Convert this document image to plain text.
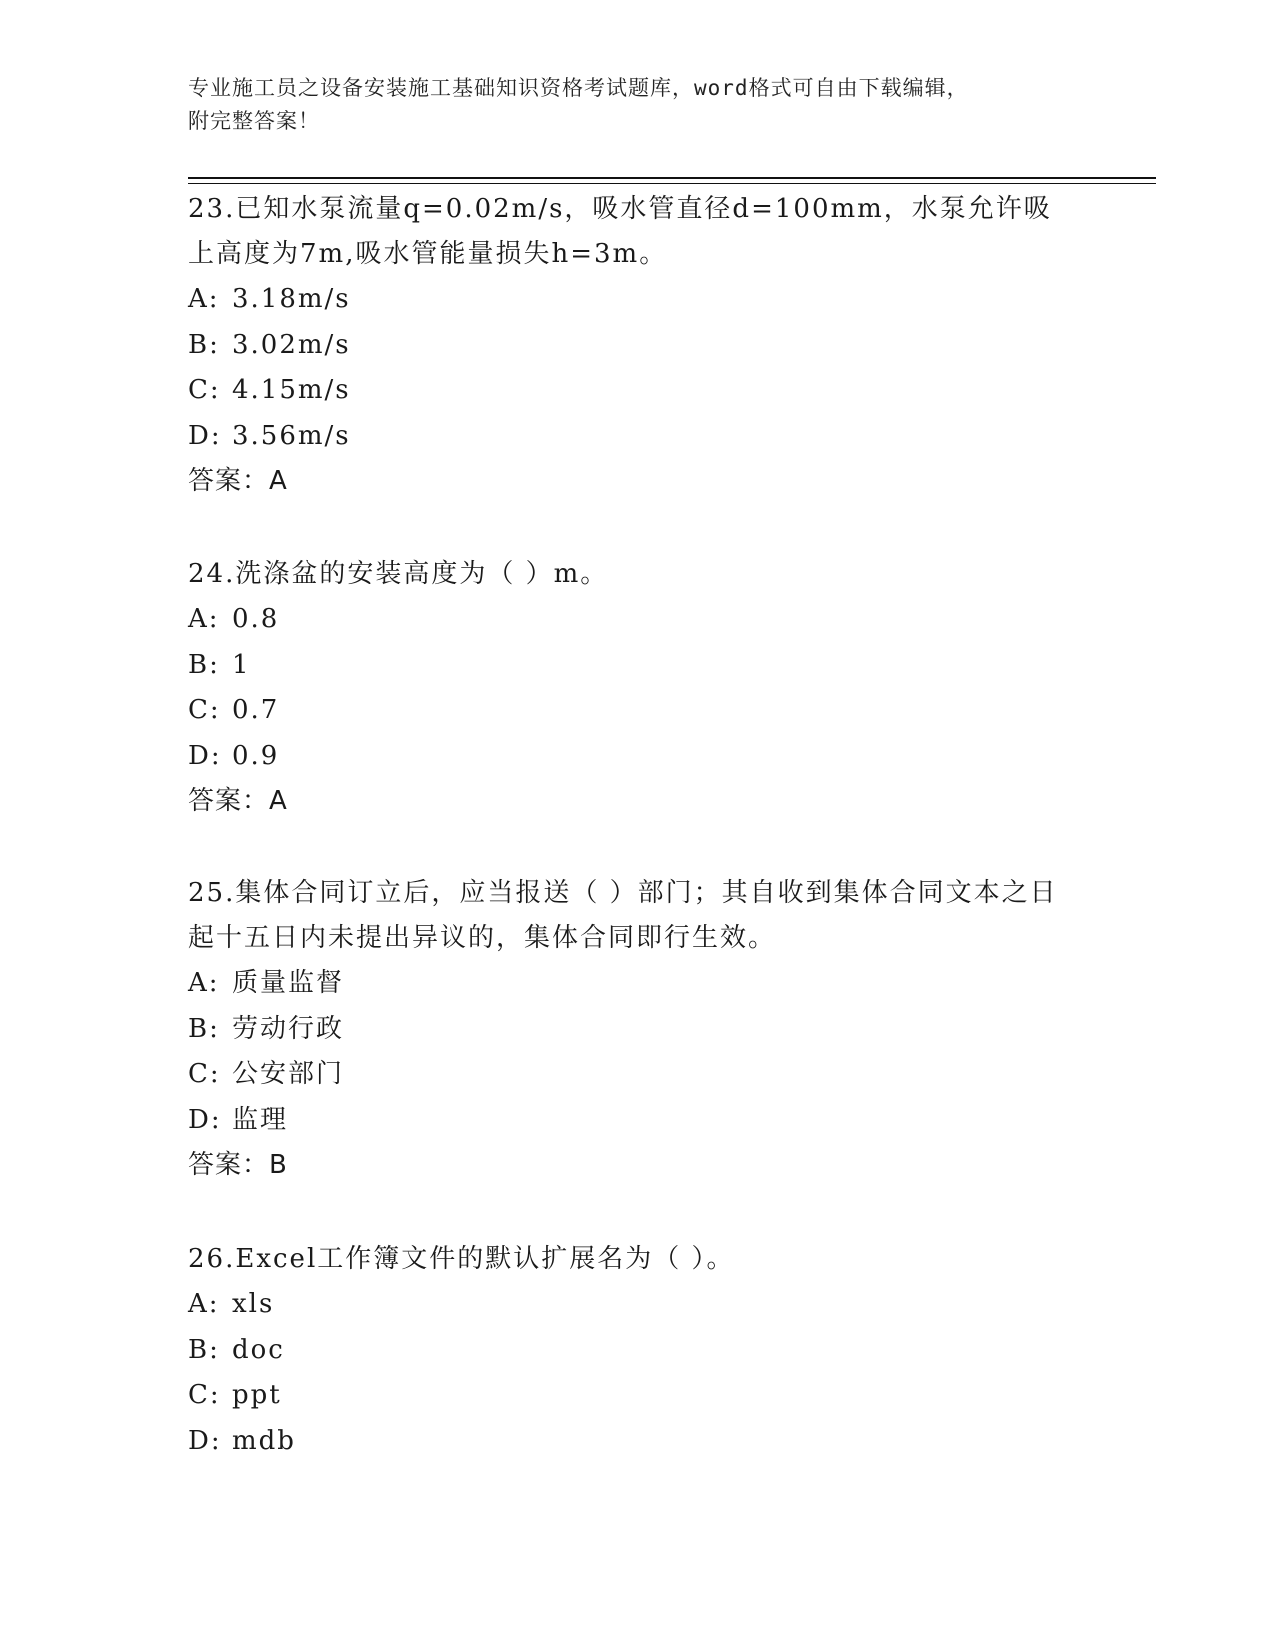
专业施工员之设备安装施工基础知识资格考试题库，word格式可自由下载编辑，
附完整答案！

23.已知水泵流量q=0.02m/s，吸水管直径d=100mm，水泵允许吸上高度为7m,吸水管能量损失h=3m。

A: 3.18m/s

B: 3.02m/s

C: 4.15m/s

D: 3.56m/s

答案：A

24.洗涤盆的安装高度为（ ）m。

A: 0.8

B: 1

C: 0.7

D: 0.9

答案：A

25.集体合同订立后，应当报送（ ）部门；其自收到集体合同文本之日起十五日内未提出异议的，集体合同即行生效。

A: 质量监督

B: 劳动行政

C: 公安部门

D: 监理

答案：B

26.Excel工作簿文件的默认扩展名为（ ）。

A: xls

B: doc

C: ppt

D: mdb
